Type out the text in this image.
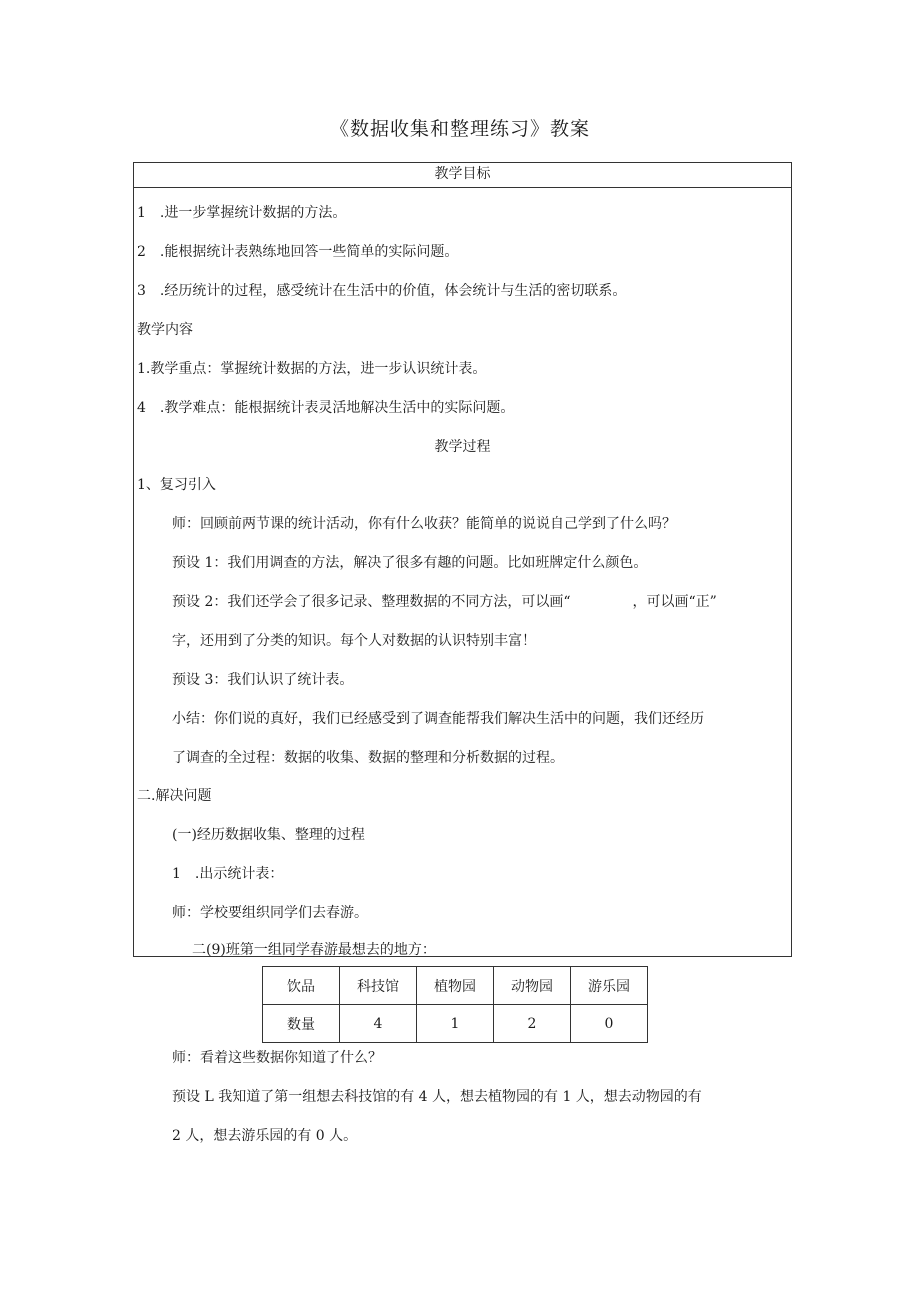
《数据收集和整理练习》教案
教学目标
1 .进一步掌握统计数据的方法。
2 .能根据统计表熟练地回答一些简单的实际问题。
3 .经历统计的过程，感受统计在生活中的价值，体会统计与生活的密切联系。
教学内容
1.教学重点：掌握统计数据的方法，进一步认识统计表。
4 .教学难点：能根据统计表灵活地解决生活中的实际问题。
教学过程
1、复习引入
师：回顾前两节课的统计活动，你有什么收获？能简单的说说自己学到了什么吗？
预设 1：我们用调查的方法，解决了很多有趣的问题。比如班牌定什么颜色。
预设 2：我们还学会了很多记录、整理数据的不同方法，可以画“	，可以画“正”
字，还用到了分类的知识。每个人对数据的认识特别丰富！
预设 3：我们认识了统计表。
小结：你们说的真好，我们已经感受到了调查能帮我们解决生活中的问题，我们还经历
了调查的全过程：数据的收集、数据的整理和分析数据的过程。
二.解决问题
(一)经历数据收集、整理的过程
1 .出示统计表：
师：学校要组织同学们去春游。
二(9)班第一组同学春游最想去的地方：
饮品	科技馆	植物园	动物园	游乐园
数量	4	1	2	0
师：看着这些数据你知道了什么？
预设 L 我知道了第一组想去科技馆的有 4 人，想去植物园的有 1 人，想去动物园的有
2 人，想去游乐园的有 0 人。
